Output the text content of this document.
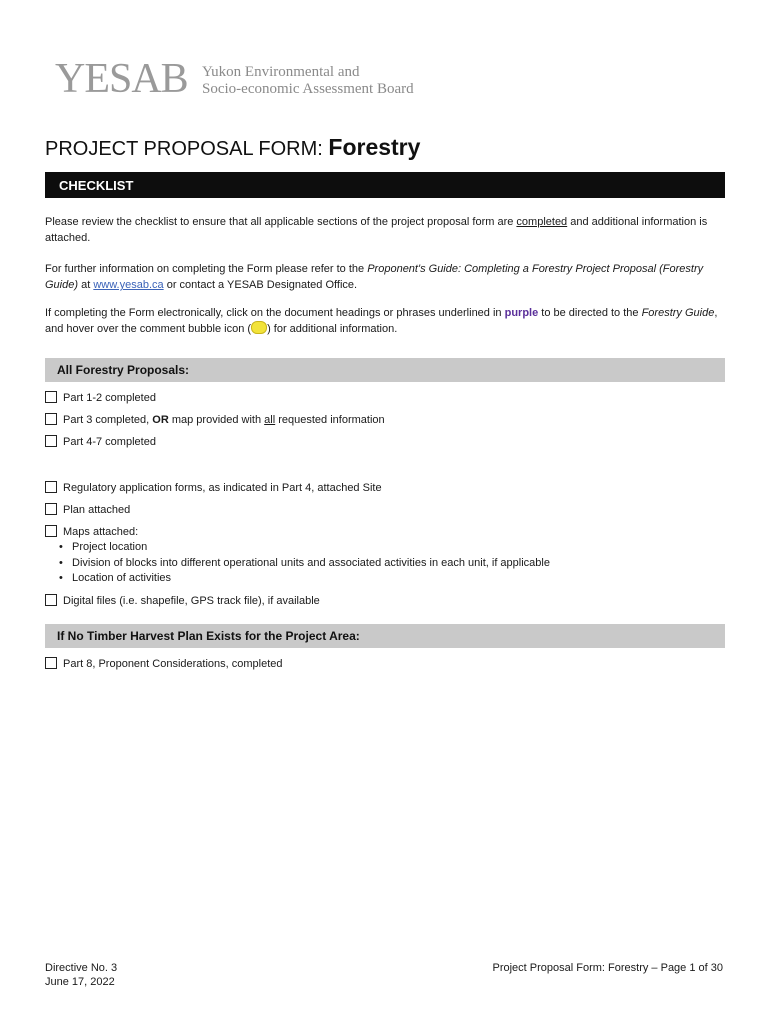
YESAB Yukon Environmental and
Socio-economic Assessment Board
PROJECT PROPOSAL FORM: Forestry
CHECKLIST
Please review the checklist to ensure that all applicable sections of the project proposal form are completed and additional information is attached.
For further information on completing the Form please refer to the Proponent's Guide: Completing a Forestry Project Proposal (Forestry Guide) at www.yesab.ca or contact a YESAB Designated Office.
If completing the Form electronically, click on the document headings or phrases underlined in purple to be directed to the Forestry Guide, and hover over the comment bubble icon ( ) for additional information.
All Forestry Proposals:
Part 1-2 completed
Part 3 completed, OR map provided with all requested information
Part 4-7 completed
Regulatory application forms, as indicated in Part 4, attached Site
Plan attached
Maps attached:
• Project location
• Division of blocks into different operational units and associated activities in each unit, if applicable
• Location of activities
Digital files (i.e. shapefile, GPS track file), if available
If No Timber Harvest Plan Exists for the Project Area:
Part 8, Proponent Considerations, completed
Directive No. 3
June 17, 2022
Project Proposal Form: Forestry – Page 1 of 30
